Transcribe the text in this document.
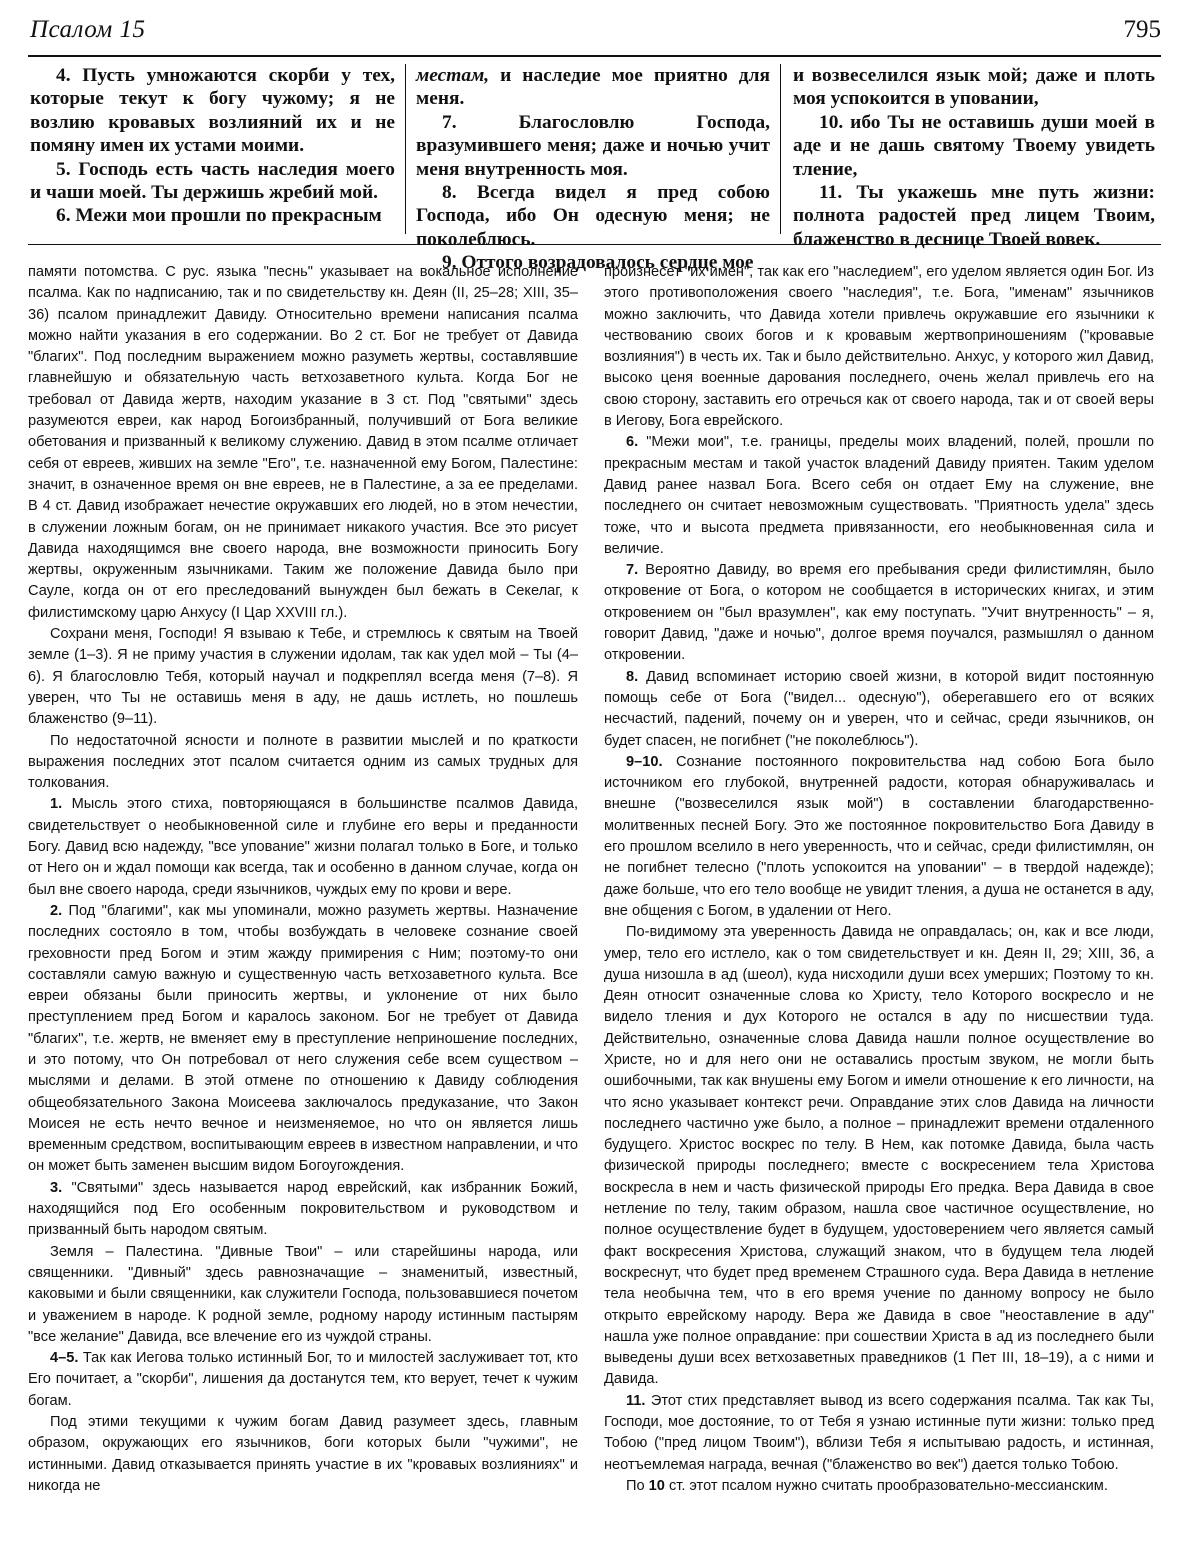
Псалом 15	795

4. Пусть умножаются скорби у тех, которые текут к богу чужому; я не возлию кровавых возлияний их и не помяну имен их устами моими.

5. Господь есть часть наследия моего и чаши моей. Ты держишь жребий мой.

6. Межи мои прошли по прекрасным

местам, и наследие мое приятно для меня.

7. Благословлю Господа, вразумившего меня; даже и ночью учит меня внутренность моя.

8. Всегда видел я пред собою Господа, ибо Он одесную меня; не поколеблюсь.

9. Оттого возрадовалось сердце мое

и возвеселился язык мой; даже и плоть моя успокоится в уповании,

10. ибо Ты не оставишь души моей в аде и не дашь святому Твоему увидеть тление,

11. Ты укажешь мне путь жизни: полнота радостей пред лицем Твоим, блаженство в деснице Твоей вовек.

памяти потомства. С рус. языка "песнь" указывает на вокальное исполнение псалма. Как по надписанию, так и по свидетельству кн. Деян (II, 25–28; XIII, 35–36) псалом принадлежит Давиду. Относительно времени написания псалма можно найти указания в его содержании. Во 2 ст. Бог не требует от Давида "благих". Под последним выражением можно разуметь жертвы, составлявшие главнейшую и обязательную часть ветхозаветного культа. Когда Бог не требовал от Давида жертв, находим указание в 3 ст. Под "святыми" здесь разумеются евреи, как народ Богоизбранный, получивший от Бога великие обетования и призванный к великому служению. Давид в этом псалме отличает себя от евреев, живших на земле "Его", т.е. назначенной ему Богом, Палестине: значит, в означенное время он вне евреев, не в Палестине, а за ее пределами. В 4 ст. Давид изображает нечестие окружавших его людей, но в этом нечестии, в служении ложным богам, он не принимает никакого участия. Все это рисует Давида находящимся вне своего народа, вне возможности приносить Богу жертвы, окруженным язычниками. Таким же положение Давида было при Сауле, когда он от его преследований вынужден был бежать в Секелаг, к филистимскому царю Анхусу (I Цар XXVIII гл.).

Сохрани меня, Господи! Я взываю к Тебе, и стремлюсь к святым на Твоей земле (1–3). Я не приму участия в служении идолам, так как удел мой – Ты (4–6). Я благословлю Тебя, который научал и подкреплял всегда меня (7–8). Я уверен, что Ты не оставишь меня в аду, не дашь истлеть, но пошлешь блаженство (9–11).

По недостаточной ясности и полноте в развитии мыслей и по краткости выражения последних этот псалом считается одним из самых трудных для толкования.

1. Мысль этого стиха, повторяющаяся в большинстве псалмов Давида, свидетельствует о необыкновенной силе и глубине его веры и преданности Богу. Давид всю надежду, "все упование" жизни полагал только в Боге, и только от Него он и ждал помощи как всегда, так и особенно в данном случае, когда он был вне своего народа, среди язычников, чуждых ему по крови и вере.

2. Под "благими", как мы упоминали, можно разуметь жертвы. Назначение последних состояло в том, чтобы возбуждать в человеке сознание своей греховности пред Богом и этим жажду примирения с Ним; поэтому-то они составляли самую важную и существенную часть ветхозаветного культа. Все евреи обязаны были приносить жертвы, и уклонение от них было преступлением пред Богом и каралось законом. Бог не требует от Давида "благих", т.е. жертв, не вменяет ему в преступление неприношение последних, и это потому, что Он потребовал от него служения себе всем существом – мыслями и делами. В этой отмене по отношению к Давиду соблюдения общеобязательного Закона Моисеева заключалось предуказание, что Закон Моисея не есть нечто вечное и неизменяемое, но что он является лишь временным средством, воспитывающим евреев в известном направлении, и что он может быть заменен высшим видом Богоугождения.

3. "Святыми" здесь называется народ еврейский, как избранник Божий, находящийся под Его особенным покровительством и руководством и призванный быть народом святым.

Земля – Палестина. "Дивные Твои" – или старейшины народа, или священники. "Дивный" здесь равнозначащие – знаменитый, известный, каковыми и были священники, как служители Господа, пользовавшиеся почетом и уважением в народе. К родной земле, родному народу истинным пастырям "все желание" Давида, все влечение его из чуждой страны.

4–5. Так как Иегова только истинный Бог, то и милостей заслуживает тот, кто Его почитает, а "скорби", лишения да достанутся тем, кто верует, течет к чужим богам.

Под этими текущими к чужим богам Давид разумеет здесь, главным образом, окружающих его язычников, боги которых были "чужими", не истинными. Давид отказывается принять участие в их "кровавых возлияниях" и никогда не

произнесет "их имен", так как его "наследием", его уделом является один Бог. Из этого противоположения своего "наследия", т.е. Бога, "именам" язычников можно заключить, что Давида хотели привлечь окружавшие его язычники к чествованию своих богов и к кровавым жертвоприношениям ("кровавые возлияния") в честь их. Так и было действительно. Анхус, у которого жил Давид, высоко ценя военные дарования последнего, очень желал привлечь его на свою сторону, заставить его отречься как от своего народа, так и от своей веры в Иегову, Бога еврейского.

6. "Межи мои", т.е. границы, пределы моих владений, полей, прошли по прекрасным местам и такой участок владений Давиду приятен. Таким уделом Давид ранее назвал Бога. Всего себя он отдает Ему на служение, вне последнего он считает невозможным существовать. "Приятность удела" здесь тоже, что и высота предмета привязанности, его необыкновенная сила и величие.

7. Вероятно Давиду, во время его пребывания среди филистимлян, было откровение от Бога, о котором не сообщается в исторических книгах, и этим откровением он "был вразумлен", как ему поступать. "Учит внутренность" – я, говорит Давид, "даже и ночью", долгое время поучался, размышлял о данном откровении.

8. Давид вспоминает историю своей жизни, в которой видит постоянную помощь себе от Бога ("видел... одесную"), оберегавшего его от всяких несчастий, падений, почему он и уверен, что и сейчас, среди язычников, он будет спасен, не погибнет ("не поколеблюсь").

9–10. Сознание постоянного покровительства над собою Бога было источником его глубокой, внутренней радости, которая обнаруживалась и внешне ("возвеселился язык мой") в составлении благодарственно-молитвенных песней Богу. Это же постоянное покровительство Бога Давиду в его прошлом вселило в него уверенность, что и сейчас, среди филистимлян, он не погибнет телесно ("плоть успокоится на уповании" – в твердой надежде); даже больше, что его тело вообще не увидит тления, а душа не останется в аду, вне общения с Богом, в удалении от Него.

По-видимому эта уверенность Давида не оправдалась; он, как и все люди, умер, тело его истлело, как о том свидетельствует и кн. Деян II, 29; XIII, 36, а душа низошла в ад (шеол), куда нисходили души всех умерших; Поэтому то кн. Деян относит означенные слова ко Христу, тело Которого воскресло и не видело тления и дух Которого не остался в аду по нисшествии туда. Действительно, означенные слова Давида нашли полное осуществление во Христе, но и для него они не оставались простым звуком, не могли быть ошибочными, так как внушены ему Богом и имели отношение к его личности, на что ясно указывает контекст речи. Оправдание этих слов Давида на личности последнего частично уже было, а полное – принадлежит времени отдаленного будущего. Христос воскрес по телу. В Нем, как потомке Давида, была часть физической природы последнего; вместе с воскресением тела Христова воскресла в нем и часть физической природы Его предка. Вера Давида в свое нетление по телу, таким образом, нашла свое частичное осуществление, но полное осуществление будет в будущем, удостоверением чего является самый факт воскресения Христова, служащий знаком, что в будущем тела людей воскреснут, что будет пред временем Страшного суда. Вера Давида в нетление тела необычна тем, что в его время учение по данному вопросу не было открыто еврейскому народу. Вера же Давида в свое "неоставление в аду" нашла уже полное оправдание: при сошествии Христа в ад из последнего были выведены души всех ветхозаветных праведников (1 Пет III, 18–19), а с ними и Давида.

11. Этот стих представляет вывод из всего содержания псалма. Так как Ты, Господи, мое достояние, то от Тебя я узнаю истинные пути жизни: только пред Тобою ("пред лицом Твоим"), вблизи Тебя я испытываю радость, и истинная, неотъемлемая награда, вечная ("блаженство во век") дается только Тобою.

По 10 ст. этот псалом нужно считать прообразовательно-мессианским.
